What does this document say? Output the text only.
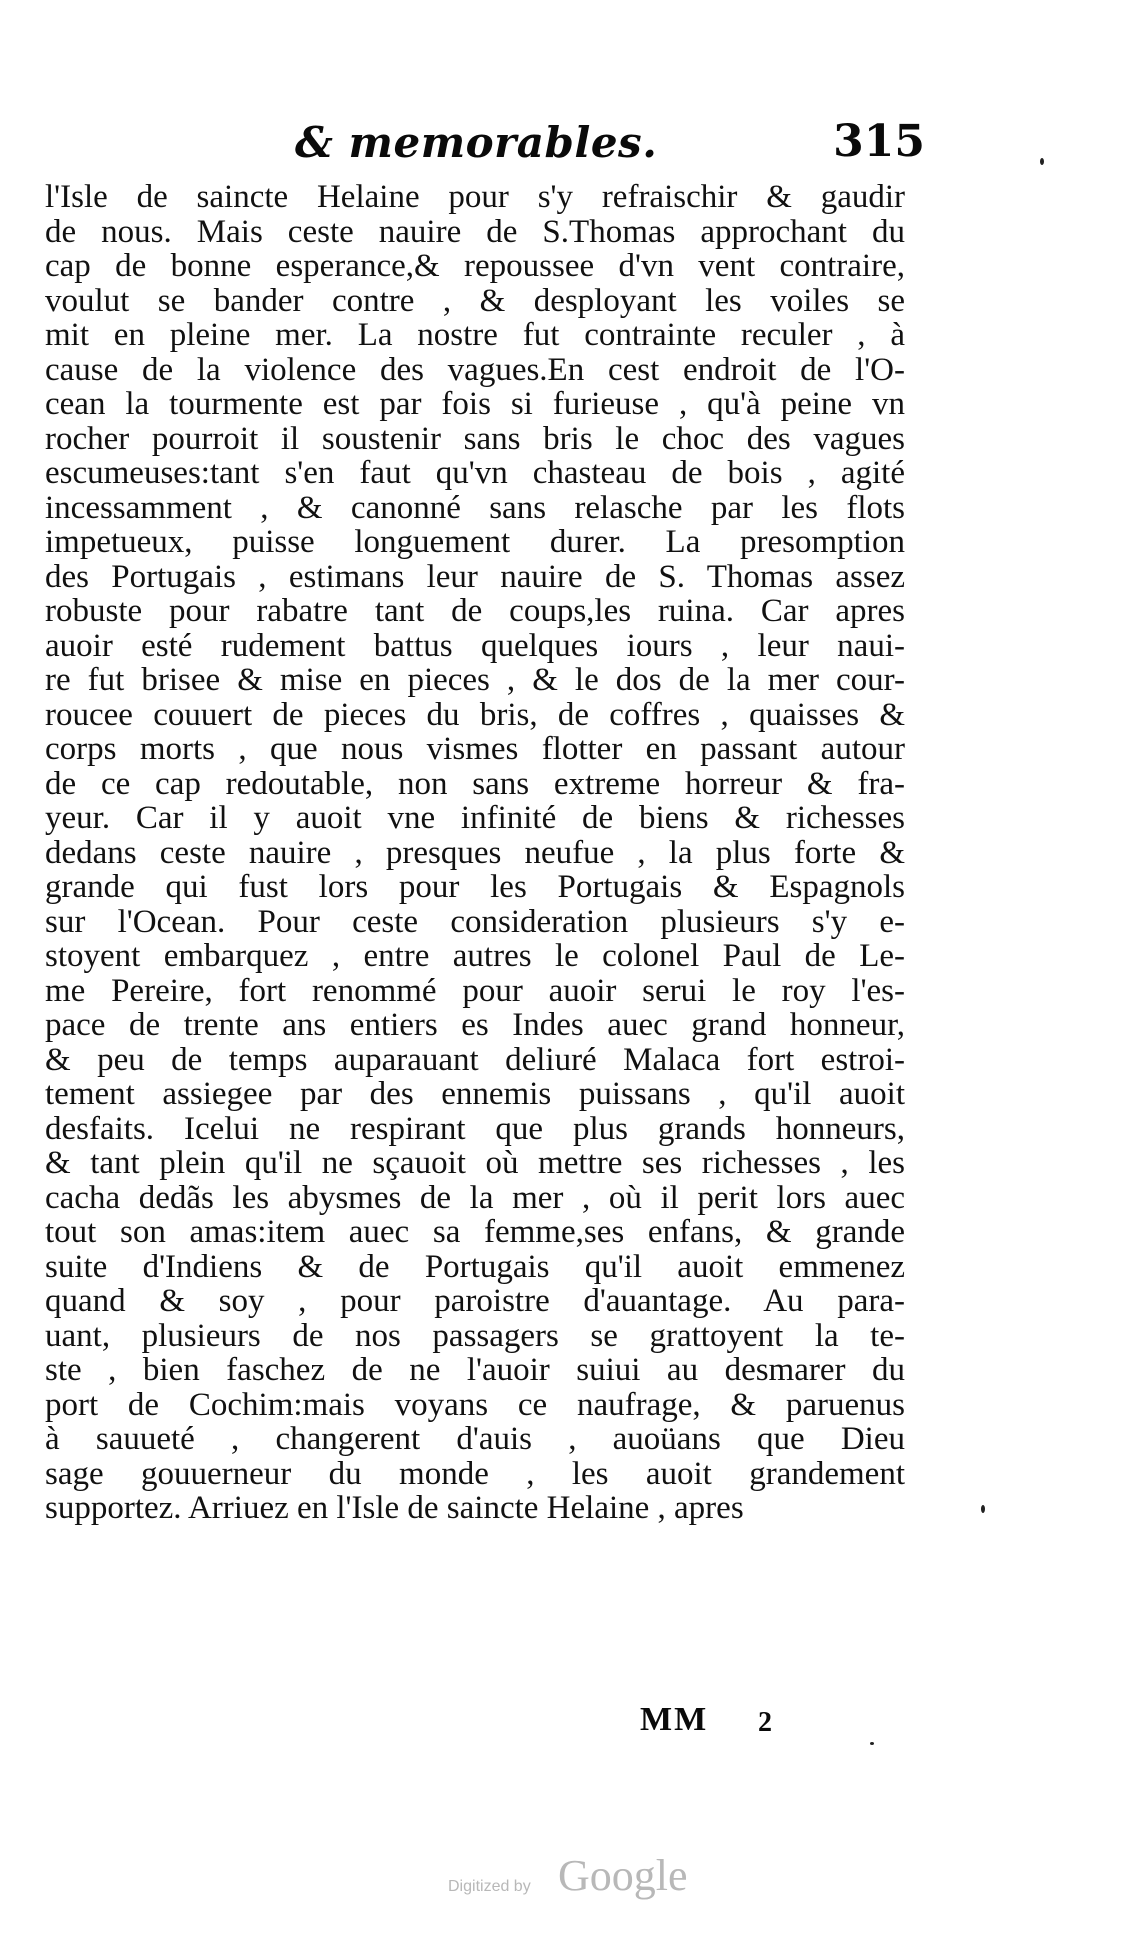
& memorables.	315
l'Isle de saincte Helaine pour s'y refraischir & gaudir
de nous. Mais ceste nauire de S.Thomas approchant du
cap de bonne esperance,& repoussee d'vn vent contraire,
voulut se bander contre , & desployant les voiles se
mit en pleine mer. La nostre fut contrainte reculer , à
cause de la violence des vagues.En cest endroit de l'O-
cean la tourmente est par fois si furieuse , qu'à peine vn
rocher pourroit il soustenir sans bris le choc des vagues
escumeuses:tant s'en faut qu'vn chasteau de bois , agité
incessamment , & canonné sans relasche par les flots
impetueux, puisse longuement durer. La presomption
des Portugais , estimans leur nauire de S. Thomas assez
robuste pour rabatre tant de coups,les ruina. Car apres
auoir esté rudement battus quelques iours , leur naui-
re fut brisee & mise en pieces , & le dos de la mer cour-
roucee couuert de pieces du bris, de coffres , quaisses &
corps morts , que nous vismes flotter en passant autour
de ce cap redoutable, non sans extreme horreur & fra-
yeur. Car il y auoit vne infinité de biens & richesses
dedans ceste nauire , presques neufue , la plus forte &
grande qui fust lors pour les Portugais & Espagnols
sur l'Ocean. Pour ceste consideration plusieurs s'y e-
stoyent embarquez , entre autres le colonel Paul de Le-
me Pereire, fort renommé pour auoir serui le roy l'es-
pace de trente ans entiers es Indes auec grand honneur,
& peu de temps auparauant deliuré Malaca fort estroi-
tement assiegee par des ennemis puissans , qu'il auoit
desfaits. Icelui ne respirant que plus grands honneurs,
& tant plein qu'il ne sçauoit où mettre ses richesses , les
cacha dedãs les abysmes de la mer , où il perit lors auec
tout son amas:item auec sa femme,ses enfans, & grande
suite d'Indiens & de Portugais qu'il auoit emmenez
quand & soy , pour paroistre d'auantage. Au para-
uant, plusieurs de nos passagers se grattoyent la te-
ste , bien faschez de ne l'auoir suiui au desmarer du
port de Cochim:mais voyans ce naufrage, & paruenus
à sauueté , changerent d'auis , auoüans que Dieu
sage gouuerneur du monde , les auoit grandement
supportez. Arriuez en l'Isle de saincte Helaine , apres
MM 2
Digitized by Google
